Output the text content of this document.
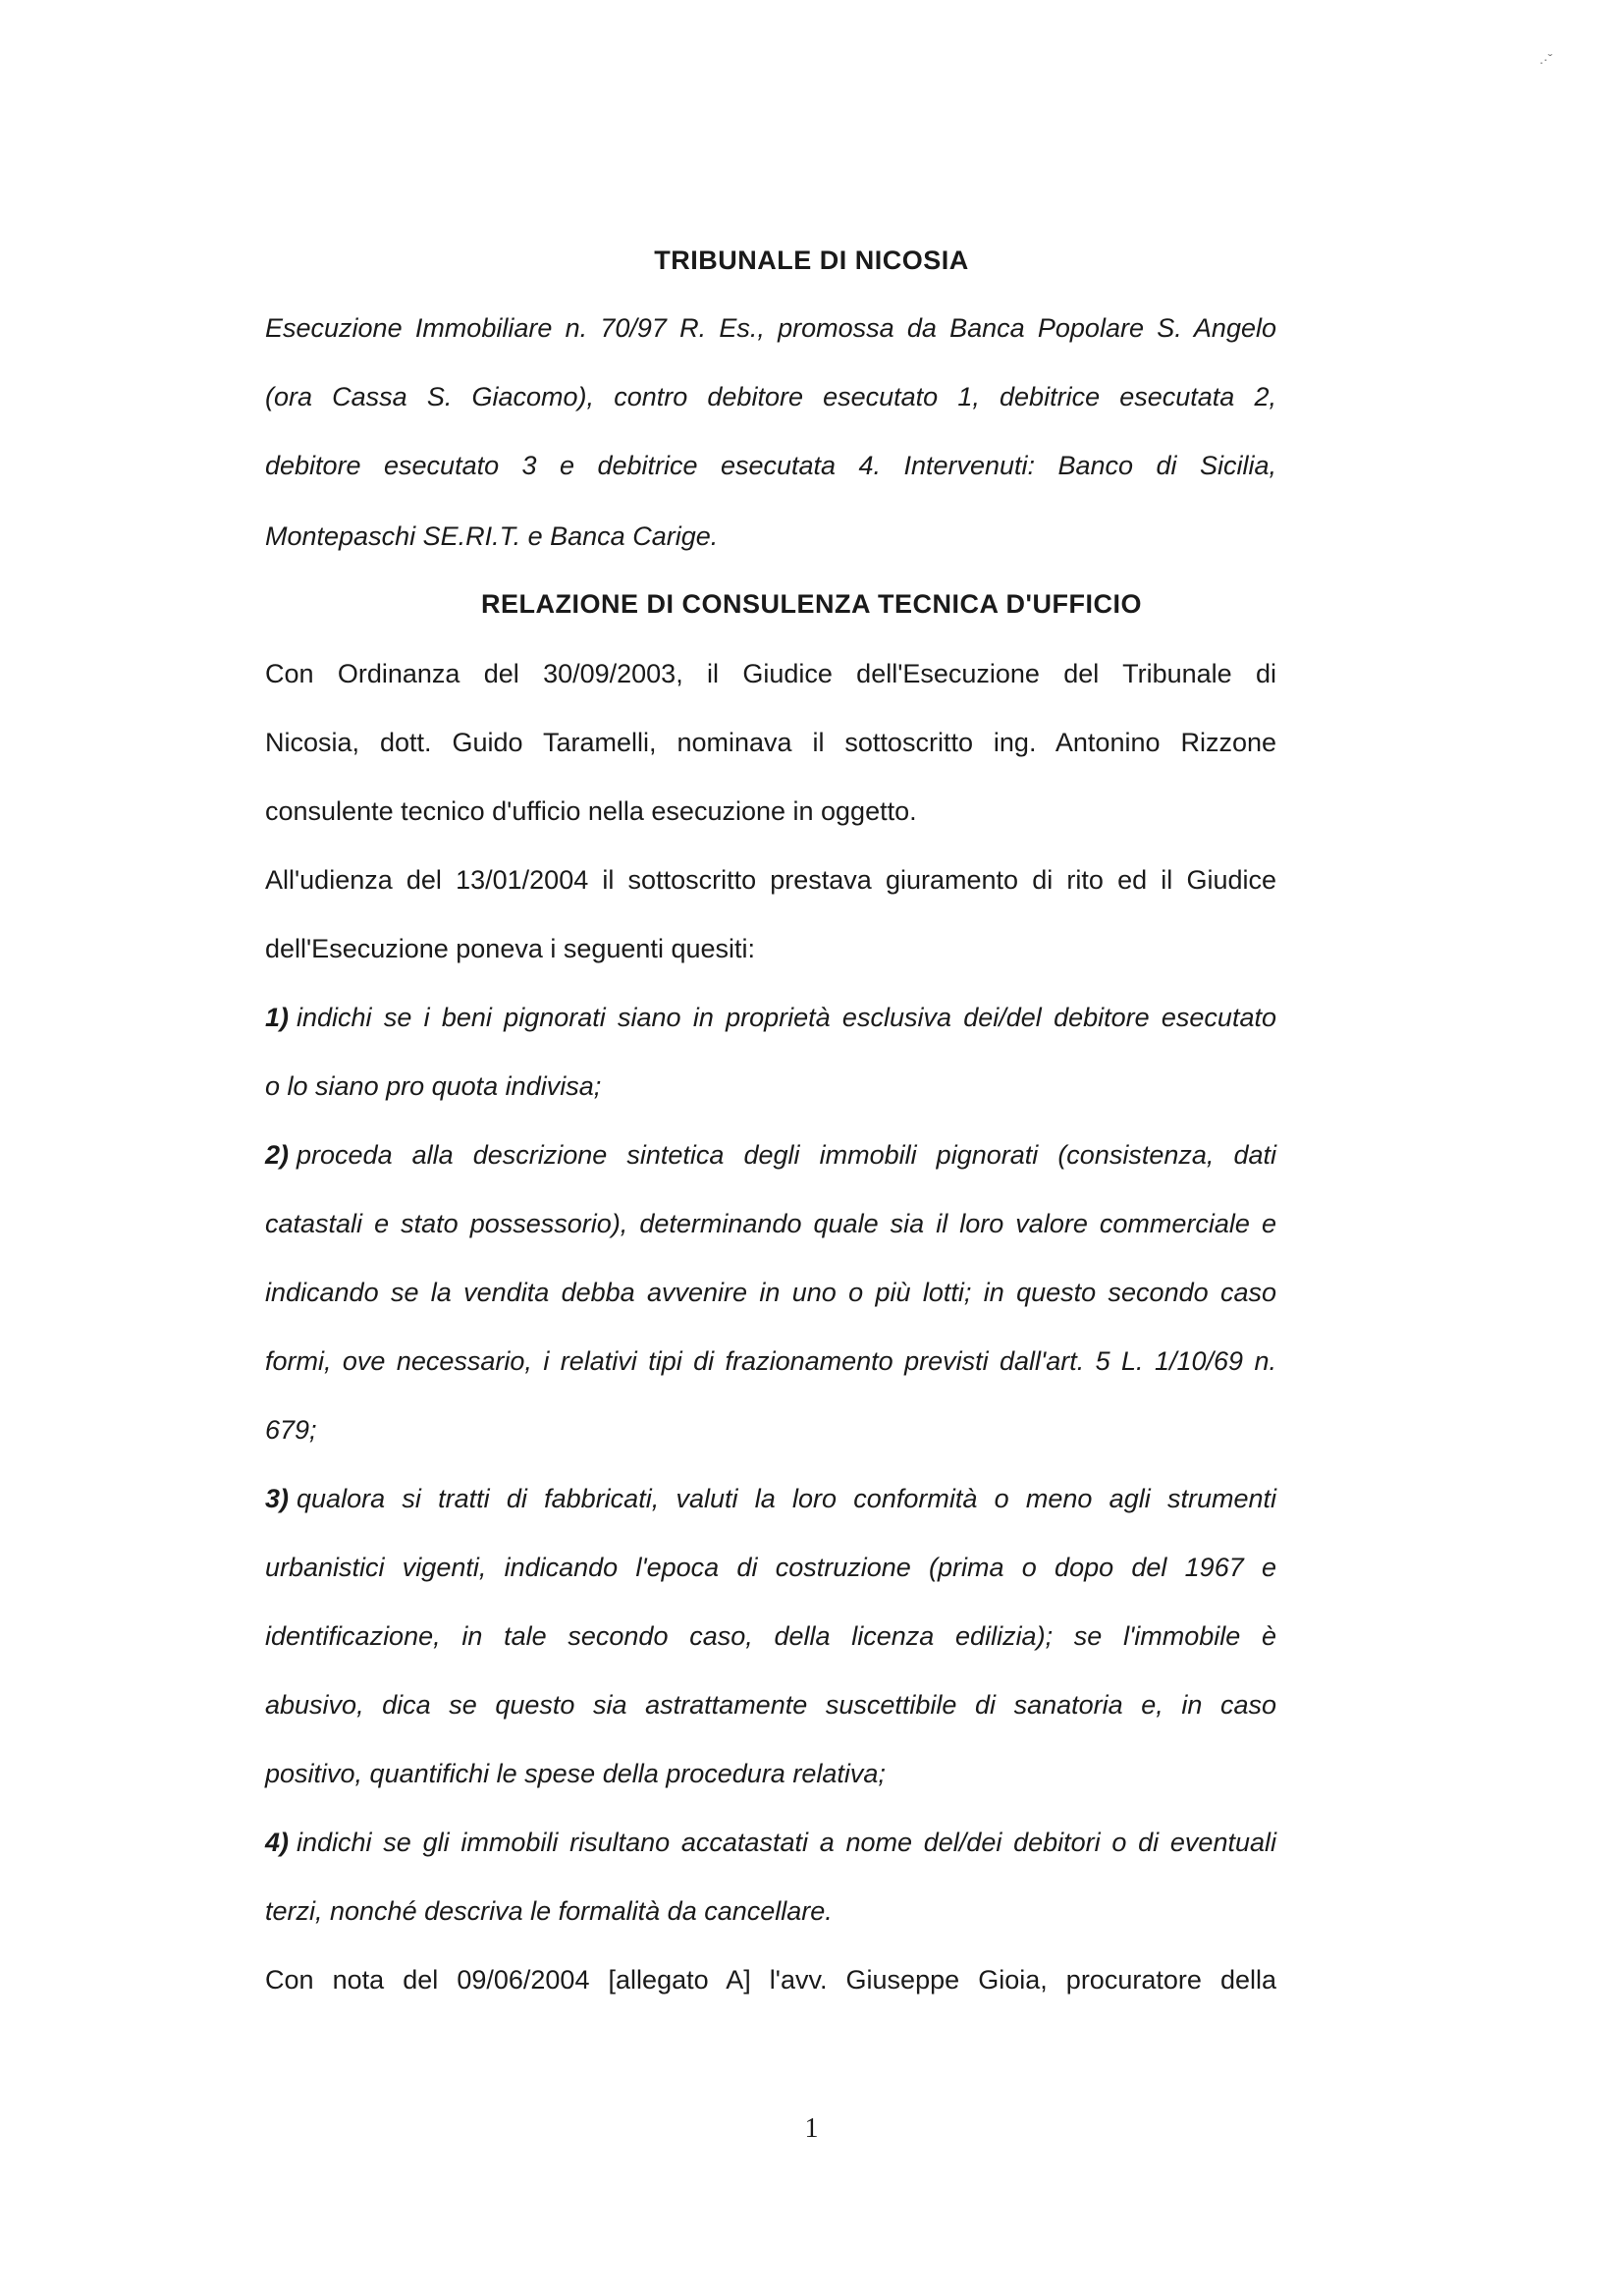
.·ˇ
TRIBUNALE DI NICOSIA
Esecuzione Immobiliare n. 70/97 R. Es., promossa da Banca Popolare S. Angelo
(ora Cassa S. Giacomo), contro debitore esecutato 1, debitrice esecutata 2,
debitore esecutato 3 e debitrice esecutata 4. Intervenuti: Banco di Sicilia,
Montepaschi SE.RI.T. e Banca Carige.
RELAZIONE DI CONSULENZA TECNICA D'UFFICIO
Con Ordinanza del 30/09/2003, il Giudice dell'Esecuzione del Tribunale di
Nicosia, dott. Guido Taramelli, nominava il sottoscritto ing. Antonino Rizzone
consulente tecnico d'ufficio nella esecuzione in oggetto.
All'udienza del 13/01/2004 il sottoscritto prestava giuramento di rito ed il Giudice
dell'Esecuzione poneva i seguenti quesiti:
1) indichi se i beni pignorati siano in proprietà esclusiva dei/del debitore esecutato
o lo siano pro quota indivisa;
2) proceda alla descrizione sintetica degli immobili pignorati (consistenza, dati
catastali e stato possessorio), determinando quale sia il loro valore commerciale e
indicando se la vendita debba avvenire in uno o più lotti; in questo secondo caso
formi, ove necessario, i relativi tipi di frazionamento previsti dall'art. 5 L. 1/10/69 n.
679;
3) qualora si tratti di fabbricati, valuti la loro conformità o meno agli strumenti
urbanistici vigenti, indicando l'epoca di costruzione (prima o dopo del 1967 e
identificazione, in tale secondo caso, della licenza edilizia); se l'immobile è
abusivo, dica se questo sia astrattamente suscettibile di sanatoria e, in caso
positivo, quantifichi le spese della procedura relativa;
4) indichi se gli immobili risultano accatastati a nome del/dei debitori o di eventuali
terzi, nonché descriva le formalità da cancellare.
Con nota del 09/06/2004 [allegato A] l'avv. Giuseppe Gioia, procuratore della
1
